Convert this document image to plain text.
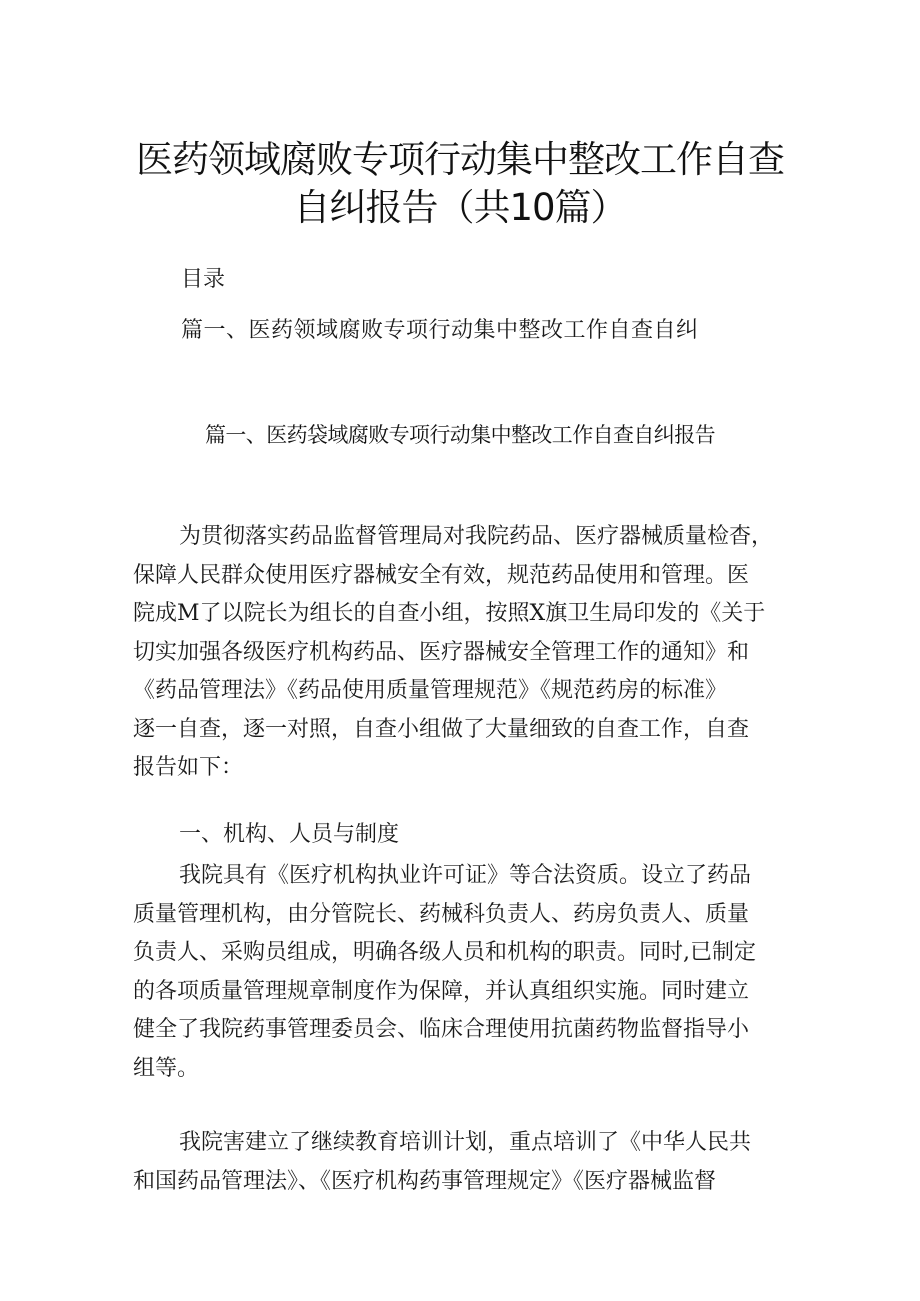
医药领域腐败专项行动集中整改工作自查
自纠报告（共10篇）
目录
篇一、医药领域腐败专项行动集中整改工作自查自纠
篇一、医药袋域腐败专项行动集中整改工作自查自纠报告
为贯彻落实药品监督管理局对我院药品、医疗器械质量检杳，
保障人民群众使用医疗器械安全有效，规范药品使用和管理。医
院成M了以院长为组长的自查小组，按照X旗卫生局印发的《关于
切实加强各级医疗机构药品、医疗器械安全管理工作的通知》和
《药品管理法》《药品使用质量管理规范》《规范药房的标准》
逐一自查，逐一对照，自查小组做了大量细致的自查工作，自查
报告如下：
一、机构、人员与制度
我院具有《医疗机构执业许可证》等合法资质。设立了药品
质量管理机构，由分管院长、药械科负责人、药房负责人、质量
负责人、采购员组成，明确各级人员和机构的职责。同时,已制定
的各项质量管理规章制度作为保障，并认真组织实施。同时建立
健全了我院药事管理委员会、临床合理使用抗菌药物监督指导小
组等。
我院害建立了继续教育培训计划，重点培训了《中华人民共
和国药品管理法》、《医疗机构药事管理规定》《医疗器械监督
